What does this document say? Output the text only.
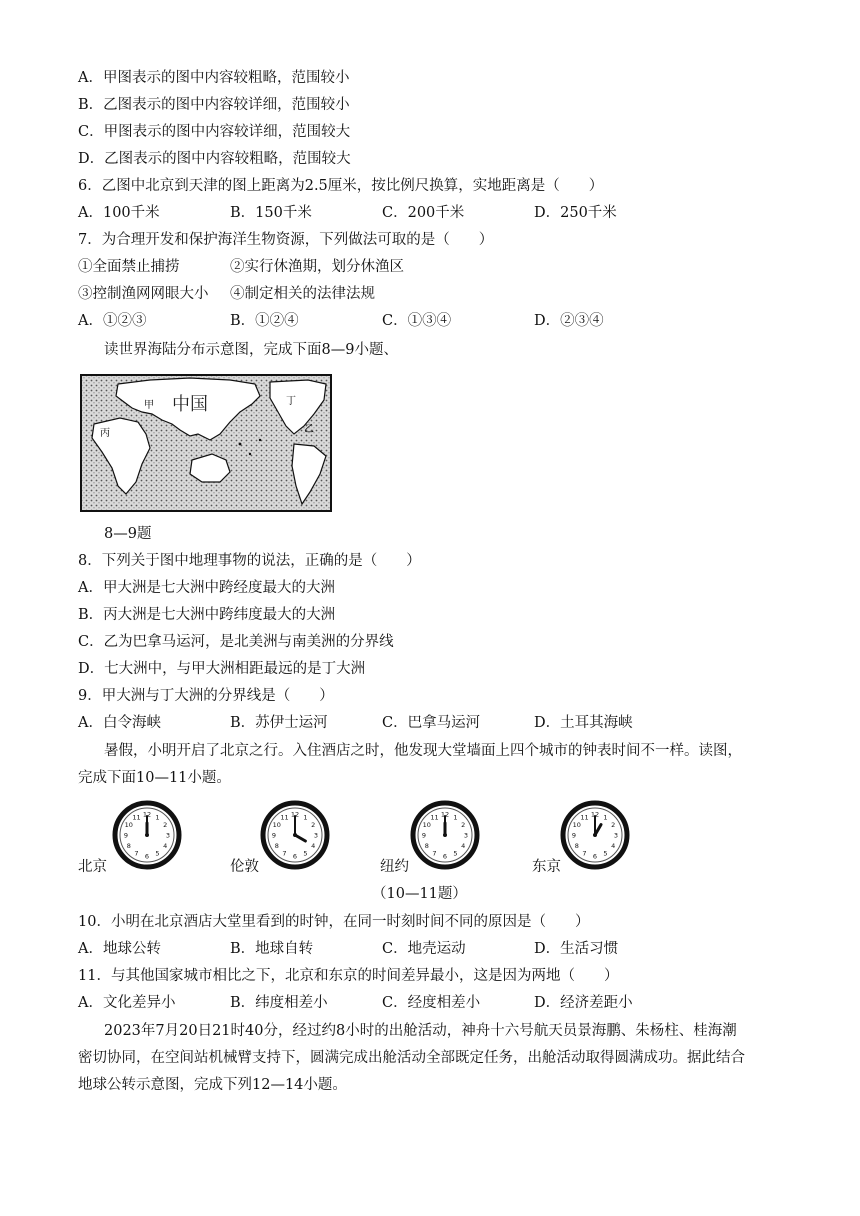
A．甲图表示的图中内容较粗略，范围较小
B．乙图表示的图中内容较详细，范围较小
C．甲图表示的图中内容较详细，范围较大
D．乙图表示的图中内容较粗略，范围较大
6．乙图中北京到天津的图上距离为2.5厘米，按比例尺换算，实地距离是（　　）
A．100千米	B．150千米	C．200千米	D．250千米
7．为合理开发和保护海洋生物资源，下列做法可取的是（　　）
①全面禁止捕捞	②实行休渔期，划分休渔区
③控制渔网网眼大小 ④制定相关的法律法规
A．①②③	B．①②④	C．①③④	D．②③④
读世界海陆分布示意图，完成下面8—9小题、
甲 中国
丙
丁
乙
8—9题
8．下列关于图中地理事物的说法，正确的是（　　）
A．甲大洲是七大洲中跨经度最大的大洲
B．丙大洲是七大洲中跨纬度最大的大洲
C．乙为巴拿马运河，是北美洲与南美洲的分界线
D．七大洲中，与甲大洲相距最远的是丁大洲
9．甲大洲与丁大洲的分界线是（　　）
A．白令海峡	B．苏伊士运河	C．巴拿马运河	D．土耳其海峡
暑假，小明开启了北京之行。入住酒店之时，他发现大堂墙面上四个城市的钟表时间不一样。读图，
完成下面10—11小题。
1
2
3
4
5
6
7
8
9
10
11 12	1
2
3
4
5
6
7
8
9
10
11 12	1
2
3
4
5
6
7
8
9
10
11 12	1
2
3
4
5
6
7
8
9
10
11 12
北京	伦敦	纽约	东京
（10—11题）
10．小明在北京酒店大堂里看到的时钟，在同一时刻时间不同的原因是（　　）
A．地球公转	B．地球自转	C．地壳运动	D．生活习惯
11．与其他国家城市相比之下，北京和东京的时间差异最小，这是因为两地（　　）
A．文化差异小	B．纬度相差小	C．经度相差小	D．经济差距小
2023年7月20日21时40分，经过约8小时的出舱活动，神舟十六号航天员景海鹏、朱杨柱、桂海潮
密切协同，在空间站机械臂支持下，圆满完成出舱活动全部既定任务，出舱活动取得圆满成功。据此结合
地球公转示意图，完成下列12—14小题。
